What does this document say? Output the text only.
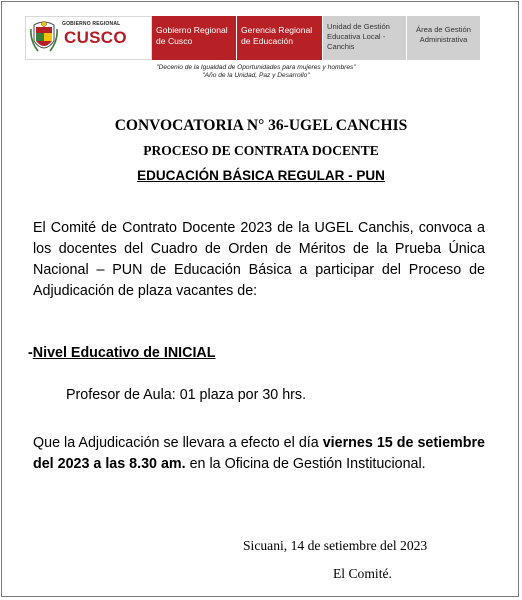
GOBIERNO REGIONAL
CUSCO	Gobierno Regional de Cusco
Gerencia Regional de Educación
Unidad de Gestión Educativa Local - Canchis
Área de Gestión Administrativa
"Decenio de la Igualdad de Oportunidades para mujeres y hombres"
"Año de la Unidad, Paz y Desarrollo"
CONVOCATORIA N° 36-UGEL CANCHIS
PROCESO DE CONTRATA DOCENTE
EDUCACIÓN BÁSICA REGULAR - PUN
El Comité de Contrato Docente 2023 de la UGEL Canchis, convoca a los docentes del Cuadro de Orden de Méritos de la Prueba Única Nacional – PUN de Educación Básica a participar del Proceso de Adjudicación de plaza vacantes de:
-Nivel Educativo de INICIAL
Profesor de Aula: 01 plaza por 30 hrs.
Que la Adjudicación se llevara a efecto el día viernes 15 de setiembre del 2023 a las 8.30 am. en la Oficina de Gestión Institucional.
Sicuani, 14 de setiembre del 2023
El Comité.
